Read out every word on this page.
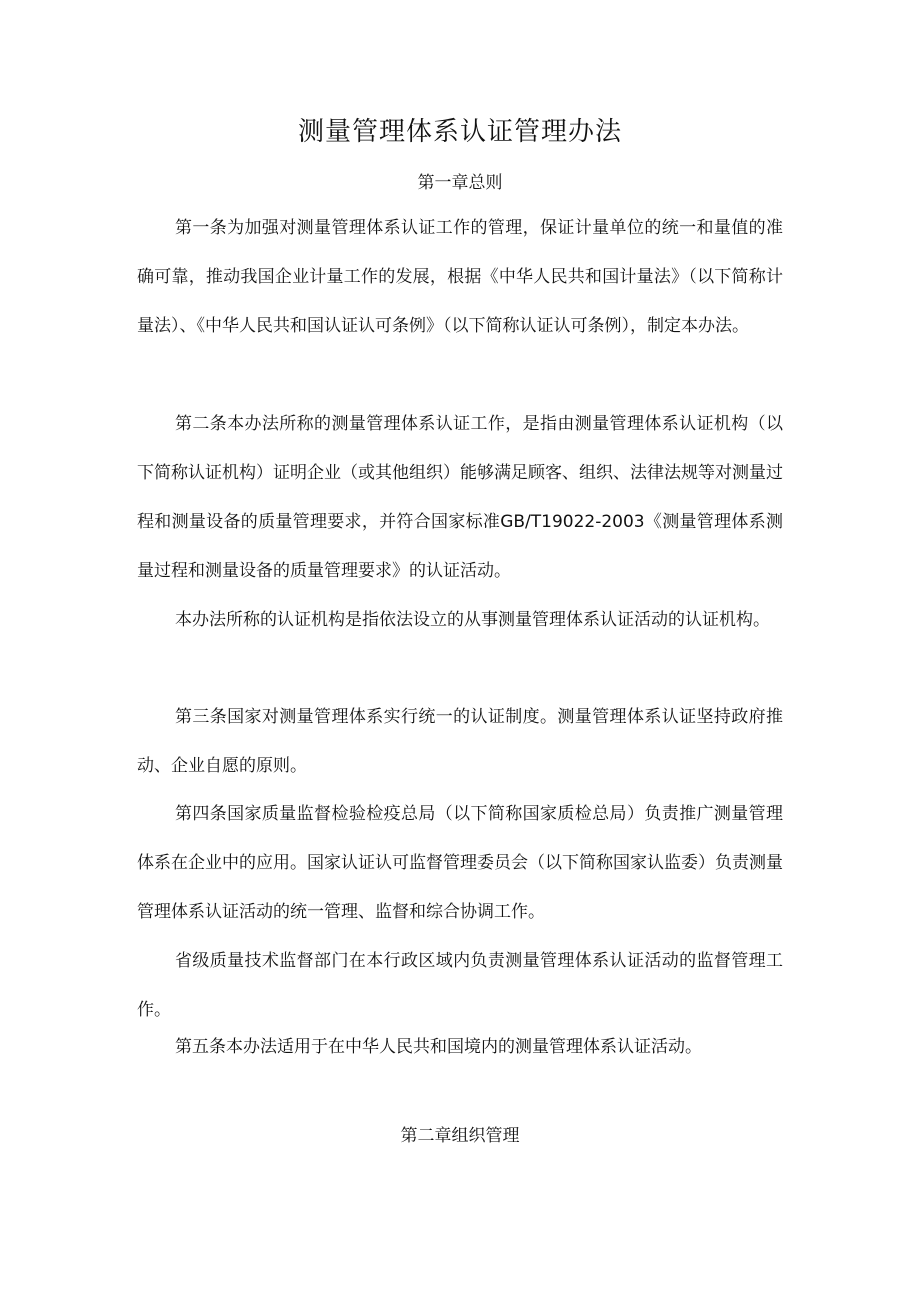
测量管理体系认证管理办法
第一章总则

第一条为加强对测量管理体系认证工作的管理，保证计量单位的统一和量值的准确可靠，推动我国企业计量工作的发展，根据《中华人民共和国计量法》（以下简称计量法）、《中华人民共和国认证认可条例》（以下简称认证认可条例），制定本办法。

第二条本办法所称的测量管理体系认证工作，是指由测量管理体系认证机构（以下简称认证机构）证明企业（或其他组织）能够满足顾客、组织、法律法规等对测量过程和测量设备的质量管理要求，并符合国家标准GB/T19022-2003《测量管理体系测量过程和测量设备的质量管理要求》的认证活动。

本办法所称的认证机构是指依法设立的从事测量管理体系认证活动的认证机构。

第三条国家对测量管理体系实行统一的认证制度。测量管理体系认证坚持政府推动、企业自愿的原则。

第四条国家质量监督检验检疫总局（以下简称国家质检总局）负责推广测量管理体系在企业中的应用。国家认证认可监督管理委员会（以下简称国家认监委）负责测量管理体系认证活动的统一管理、监督和综合协调工作。

省级质量技术监督部门在本行政区域内负责测量管理体系认证活动的监督管理工作。

第五条本办法适用于在中华人民共和国境内的测量管理体系认证活动。

第二章组织管理
